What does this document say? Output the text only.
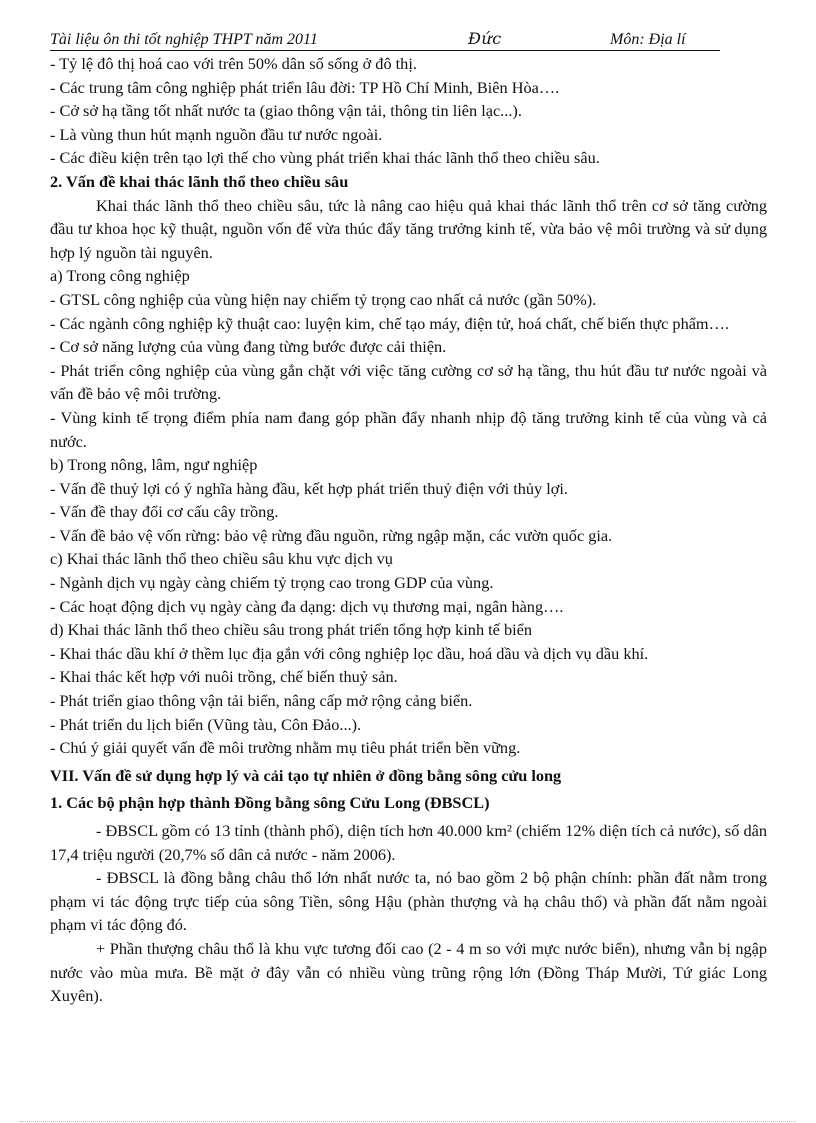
Tài liệu ôn thi tốt nghiệp THPT năm 2011	Đức	Môn: Địa lí

- Tỷ lệ đô thị hoá cao với trên 50% dân số sống ở đô thị.

- Các trung tâm công nghiệp phát triển lâu đời: TP Hồ Chí Minh, Biên Hòa….

- Cở sở hạ tầng tốt nhất nước ta (giao thông vận tải, thông tin liên lạc...).

- Là vùng thun hút mạnh nguồn đầu tư nước ngoài.

- Các điều kiện trên tạo lợi thế cho vùng phát triển khai thác lãnh thổ theo chiều sâu.

2. Vấn đề khai thác lãnh thổ theo chiều sâu

Khai thác lãnh thổ theo chiều sâu, tức là nâng cao hiệu quả khai thác lãnh thổ trên cơ sở tăng cường đầu tư khoa học kỹ thuật, nguồn vốn để vừa thúc đẩy tăng trưởng kinh tế, vừa bảo vệ môi trường và sử dụng hợp lý nguồn tài nguyên.

a) Trong công nghiệp

- GTSL công nghiệp của vùng hiện nay chiếm tỷ trọng cao nhất cả nước (gần 50%).

- Các ngành công nghiệp kỹ thuật cao: luyện kim, chế tạo máy, điện tử, hoá chất, chế biến thực phẩm….

- Cơ sở năng lượng của vùng đang từng bước được cải thiện.

- Phát triển công nghiệp của vùng gắn chặt với việc tăng cường cơ sở hạ tầng, thu hút đầu tư nước ngoài và vấn đề bảo vệ môi trường.

- Vùng kinh tế trọng điểm phía nam đang góp phần đẩy nhanh nhịp độ tăng trưởng kinh tế của vùng và cả nước.

b) Trong nông, lâm, ngư nghiệp

- Vấn đề thuỷ lợi có ý nghĩa hàng đầu, kết hợp phát triển thuỷ điện với thủy lợi.

- Vấn đề thay đổi cơ cấu cây trồng.

- Vấn đề bảo vệ vốn rừng: bảo vệ rừng đầu nguồn, rừng ngập mặn, các vườn quốc gia.

c) Khai thác lãnh thổ theo chiều sâu khu vực dịch vụ

- Ngành dịch vụ ngày càng chiếm tỷ trọng cao trong GDP của vùng.

- Các hoạt động dịch vụ ngày càng đa dạng: dịch vụ thương mại, ngân hàng….

d) Khai thác lãnh thổ theo chiều sâu trong phát triển tổng hợp kinh tế biển

- Khai thác dầu khí ở thềm lục địa gắn với công nghiệp lọc dầu, hoá dầu và dịch vụ dầu khí.

- Khai thác kết hợp với nuôi trồng, chế biến thuỷ sản.

- Phát triển giao thông vận tải biển, nâng cấp mở rộng cảng biển.

- Phát triển du lịch biển (Vũng tàu, Côn Đảo...).

- Chú ý giải quyết vấn đề môi trường nhằm mụ tiêu phát triển bền vững.

VII. Vấn đề sử dụng hợp lý và cải tạo tự nhiên ở đồng bằng sông cửu long

1. Các bộ phận hợp thành Đồng bằng sông Cửu Long (ĐBSCL)

- ĐBSCL gồm có 13 tỉnh (thành phố), diện tích hơn 40.000 km² (chiếm 12% diện tích cả nước), số dân 17,4 triệu người (20,7% số dân cả nước - năm 2006).

- ĐBSCL là đồng bằng châu thổ lớn nhất nước ta, nó bao gồm 2 bộ phận chính: phần đất nằm trong phạm vi tác động trực tiếp của sông Tiền, sông Hậu (phàn thượng và hạ châu thổ) và phần đất nằm ngoài phạm vi tác động đó.

+ Phần thượng châu thổ là khu vực tương đối cao (2 - 4 m so với mực nước biển), nhưng vẫn bị ngập nước vào mùa mưa. Bề mặt ở đây vẫn có nhiều vùng trũng rộng lớn (Đồng Tháp Mười, Tứ giác Long Xuyên).
